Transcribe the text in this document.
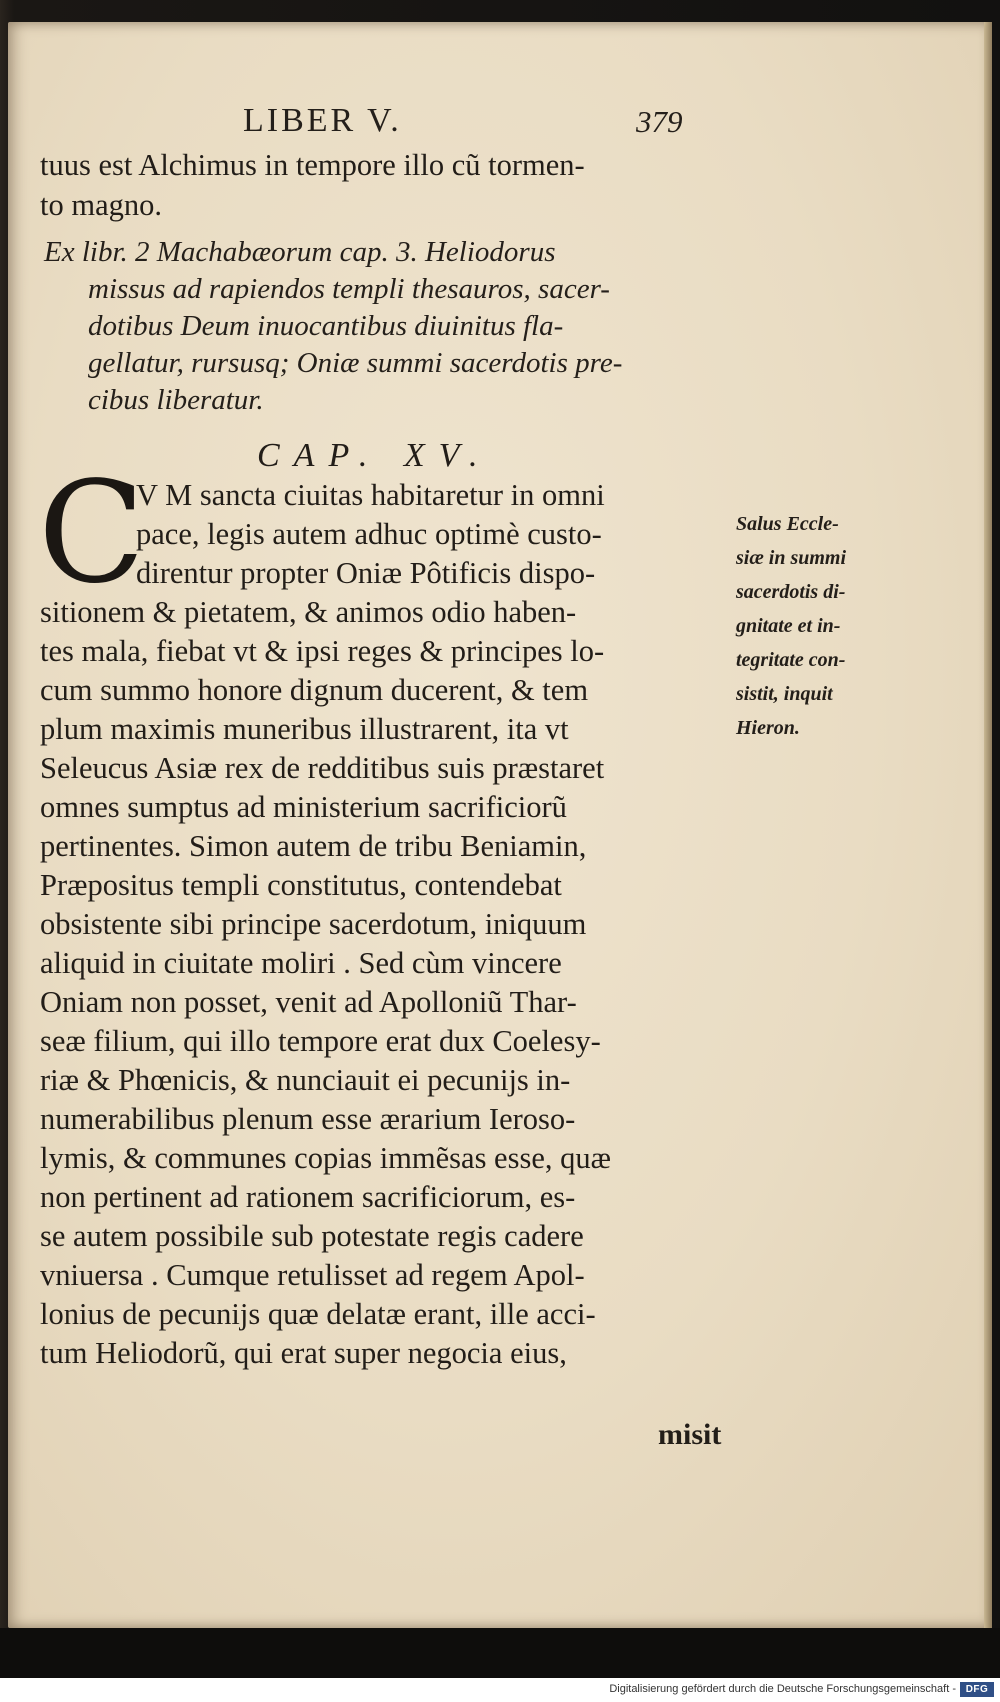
LIBER V.	379
tuus est Alchimus in tempore illo cũ tormen-
to magno.
Ex libr. 2 Machabæorum cap. 3. Heliodorus
missus ad rapiendos templi thesauros, sacer-
dotibus Deum inuocantibus diuinitus fla-
gellatur, rursusq; Oniæ summi sacerdotis pre-
cibus liberatur.
CAP. XV.
C
V M sancta ciuitas habitaretur in omni
pace, legis autem adhuc optimè custo-
direntur propter Oniæ Pôtificis dispo-
sitionem & pietatem, & animos odio haben-
tes mala, fiebat vt & ipsi reges & principes lo-
cum summo honore dignum ducerent, & tem
plum maximis muneribus illustrarent, ita vt
Seleucus Asiæ rex de redditibus suis præstaret
omnes sumptus ad ministerium sacrificiorũ
pertinentes. Simon autem de tribu Beniamin,
Præpositus templi constitutus, contendebat
obsistente sibi principe sacerdotum, iniquum
aliquid in ciuitate moliri . Sed cùm vincere
Oniam non posset, venit ad Apolloniũ Thar-
seæ filium, qui illo tempore erat dux Coelesy-
riæ & Phœnicis, & nunciauit ei pecunijs in-
numerabilibus plenum esse ærarium Ierosо-
lymis, & communes copias immẽsas esse, quæ
non pertinent ad rationem sacrificiorum, es-
se autem possibile sub potestate regis cadere
vniuersa . Cumque retulisset ad regem Apol-
lonius de pecunijs quæ delatæ erant, ille acci-
tum Heliodorũ, qui erat super negocia eius,
misit
Salus Eccle-
siæ in summi
sacerdotis di-
gnitate et in-
tegritate con-
sistit, inquit
Hieron.
Digitalisierung gefördert durch die Deutsche Forschungsgemeinschaft - DFG
